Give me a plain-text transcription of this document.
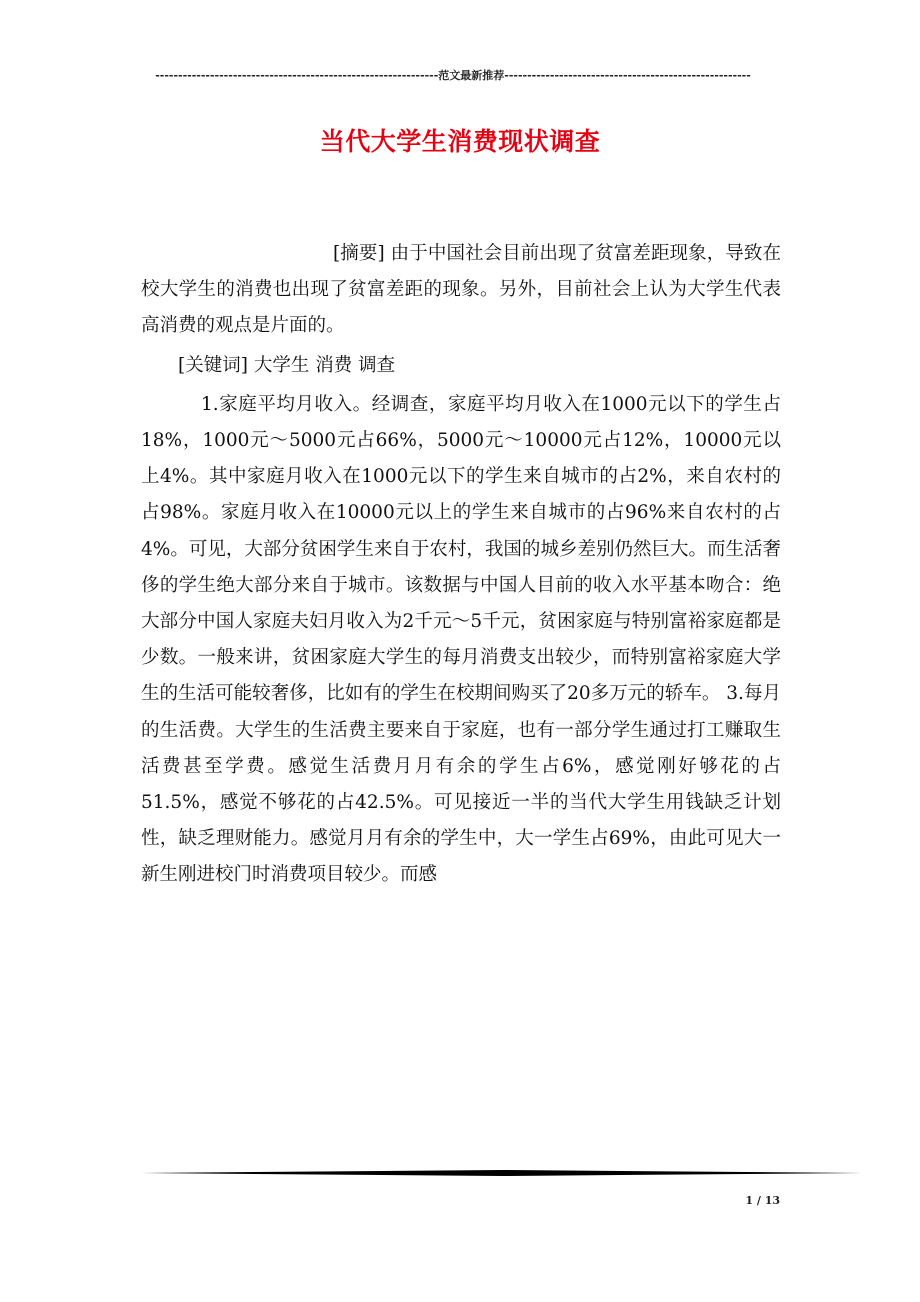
--------------------------------------------------------------范文最新推荐------------------------------------------------------
当代大学生消费现状调查

[摘要] 由于中国社会目前出现了贫富差距现象，导致在校大学生的消费也出现了贫富差距的现象。另外，目前社会上认为大学生代表高消费的观点是片面的。

[关键词] 大学生 消费 调查

1.家庭平均月收入。经调查，家庭平均月收入在1000元以下的学生占18%，1000元～5000元占66%，5000元～10000元占12%，10000元以上4%。其中家庭月收入在1000元以下的学生来自城市的占2%，来自农村的占98%。家庭月收入在10000元以上的学生来自城市的占96%来自农村的占4%。可见，大部分贫困学生来自于农村，我国的城乡差别仍然巨大。而生活奢侈的学生绝大部分来自于城市。该数据与中国人目前的收入水平基本吻合：绝大部分中国人家庭夫妇月收入为2千元～5千元，贫困家庭与特别富裕家庭都是少数。一般来讲，贫困家庭大学生的每月消费支出较少，而特别富裕家庭大学生的生活可能较奢侈，比如有的学生在校期间购买了20多万元的轿车。 3.每月的生活费。大学生的生活费主要来自于家庭，也有一部分学生通过打工赚取生活费甚至学费。感觉生活费月月有余的学生占6%，感觉刚好够花的占51.5%，感觉不够花的占42.5%。可见接近一半的当代大学生用钱缺乏计划性，缺乏理财能力。感觉月月有余的学生中，大一学生占69%，由此可见大一新生刚进校门时消费项目较少。而感

1 / 13
